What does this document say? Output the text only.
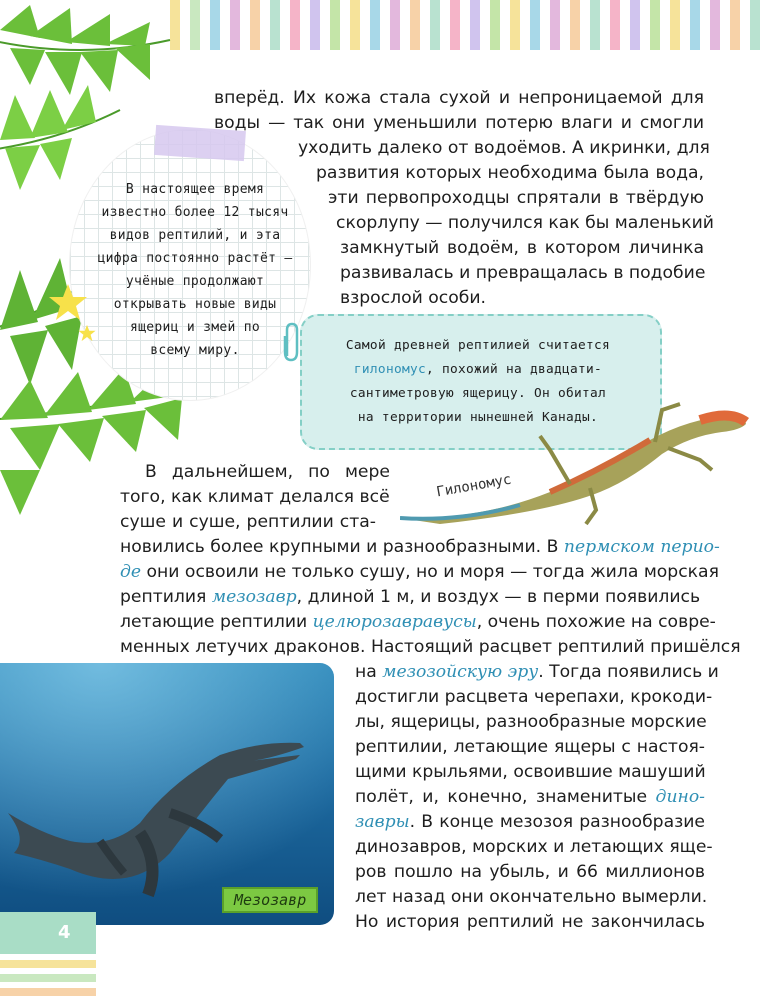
В настоящее время
известно более 12 тысяч
видов рептилий, и эта
цифра постоянно растёт —
учёные продолжают
открывать новые виды
ящериц и змей по
всему миру.
вперёд. Их кожа стала сухой и непроницаемой для
воды — так они уменьшили потерю влаги и смогли
уходить далеко от водоёмов. А икринки, для
развития которых необходима была вода,
эти первопроходцы спрятали в твёрдую
скорлупу — получился как бы маленький
замкнутый водоём, в котором личинка
развивалась и превращалась в подобие
взрослой особи.
Самой древней рептилией считается
гилономус, похожий на двадцати-
сантиметровую ящерицу. Он обитал
на территории нынешней Канады.
Гилономус
В дальнейшем, по мере
того, как климат делался всё
суше и суше, рептилии ста-
новились более крупными и разнообразными. В пермском перио-
де они освоили не только сушу, но и моря — тогда жила морская
рептилия мезозавр, длиной 1 м, и воздух — в перми появились
летающие рептилии целюрозавравусы, очень похожие на совре-
менных летучих драконов. Настоящий расцвет рептилий пришёлся
Мезозавр
на мезозойскую эру. Тогда появились и
достигли расцвета черепахи, крокоди-
лы, ящерицы, разнообразные морские
рептилии, летающие ящеры с настоя-
щими крыльями, освоившие машуший
полёт, и, конечно, знаменитые дино-
завры. В конце мезозоя разнообразие
динозавров, морских и летающих яще-
ров пошло на убыль, и 66 миллионов
лет назад они окончательно вымерли.
Но история рептилий не закончилась
4
